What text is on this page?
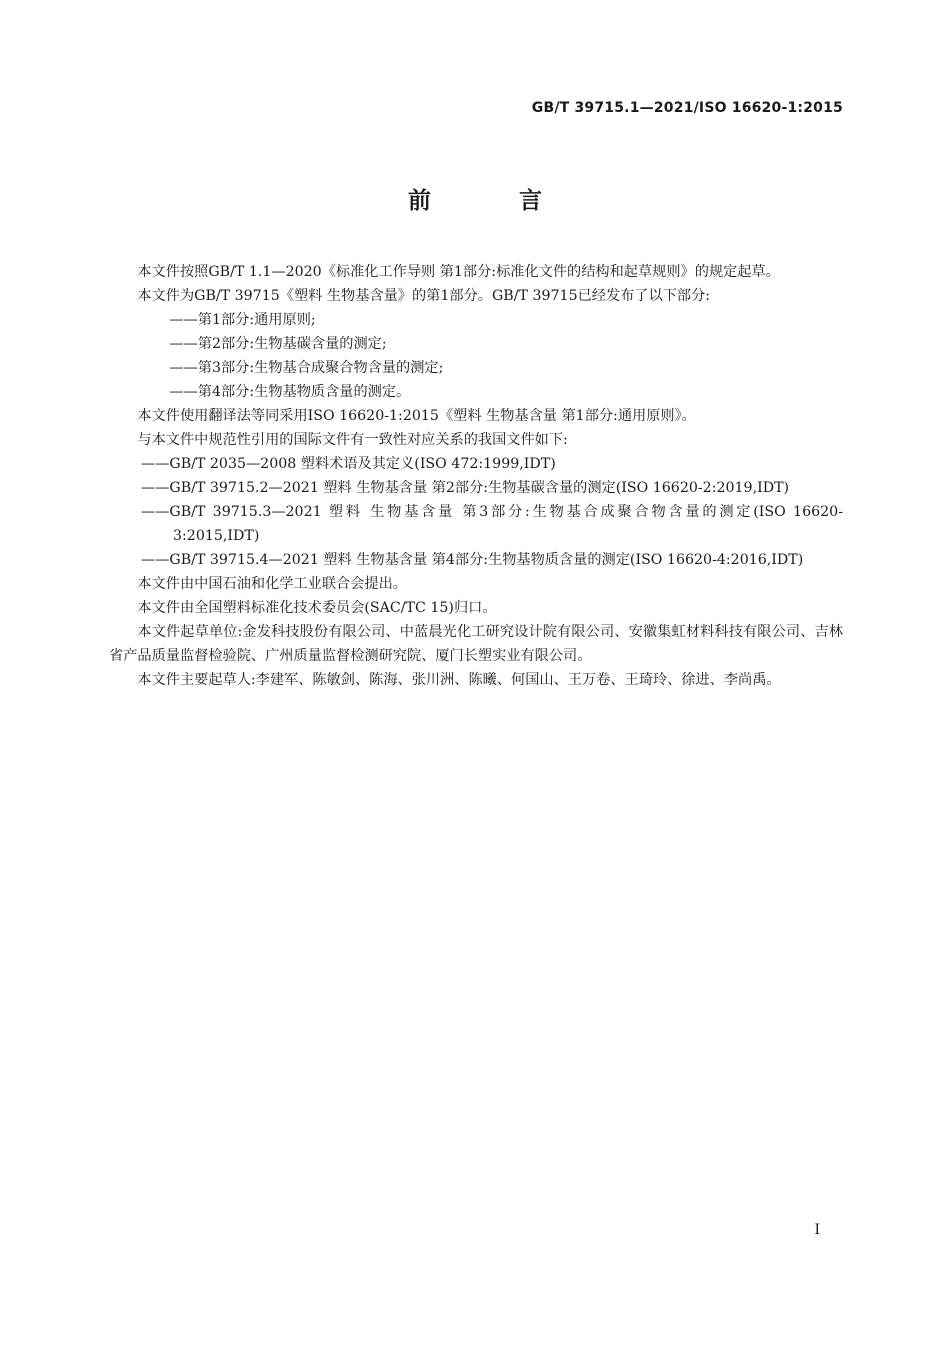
GB/T 39715.1—2021/ISO 16620-1:2015
前 言

本文件按照GB/T 1.1—2020《标准化工作导则 第1部分:标准化文件的结构和起草规则》的规定起草。

本文件为GB/T 39715《塑料 生物基含量》的第1部分。GB/T 39715已经发布了以下部分:

——第1部分:通用原则;

——第2部分:生物基碳含量的测定;

——第3部分:生物基合成聚合物含量的测定;

——第4部分:生物基物质含量的测定。

本文件使用翻译法等同采用ISO 16620-1:2015《塑料 生物基含量 第1部分:通用原则》。

与本文件中规范性引用的国际文件有一致性对应关系的我国文件如下:

——GB/T 2035—2008 塑料术语及其定义(ISO 472:1999,IDT)

——GB/T 39715.2—2021 塑料 生物基含量 第2部分:生物基碳含量的测定(ISO 16620-2:2019,IDT)

——GB/T 39715.3—2021 塑料 生物基含量 第3部分:生物基合成聚合物含量的测定(ISO 16620-3:2015,IDT)

——GB/T 39715.4—2021 塑料 生物基含量 第4部分:生物基物质含量的测定(ISO 16620-4:2016,IDT)

本文件由中国石油和化学工业联合会提出。

本文件由全国塑料标准化技术委员会(SAC/TC 15)归口。

本文件起草单位:金发科技股份有限公司、中蓝晨光化工研究设计院有限公司、安徽集虹材料科技有限公司、吉林省产品质量监督检验院、广州质量监督检测研究院、厦门长塑实业有限公司。

本文件主要起草人:李建军、陈敏剑、陈海、张川洲、陈曦、何国山、王万卷、王琦玲、徐进、李尚禹。

I
